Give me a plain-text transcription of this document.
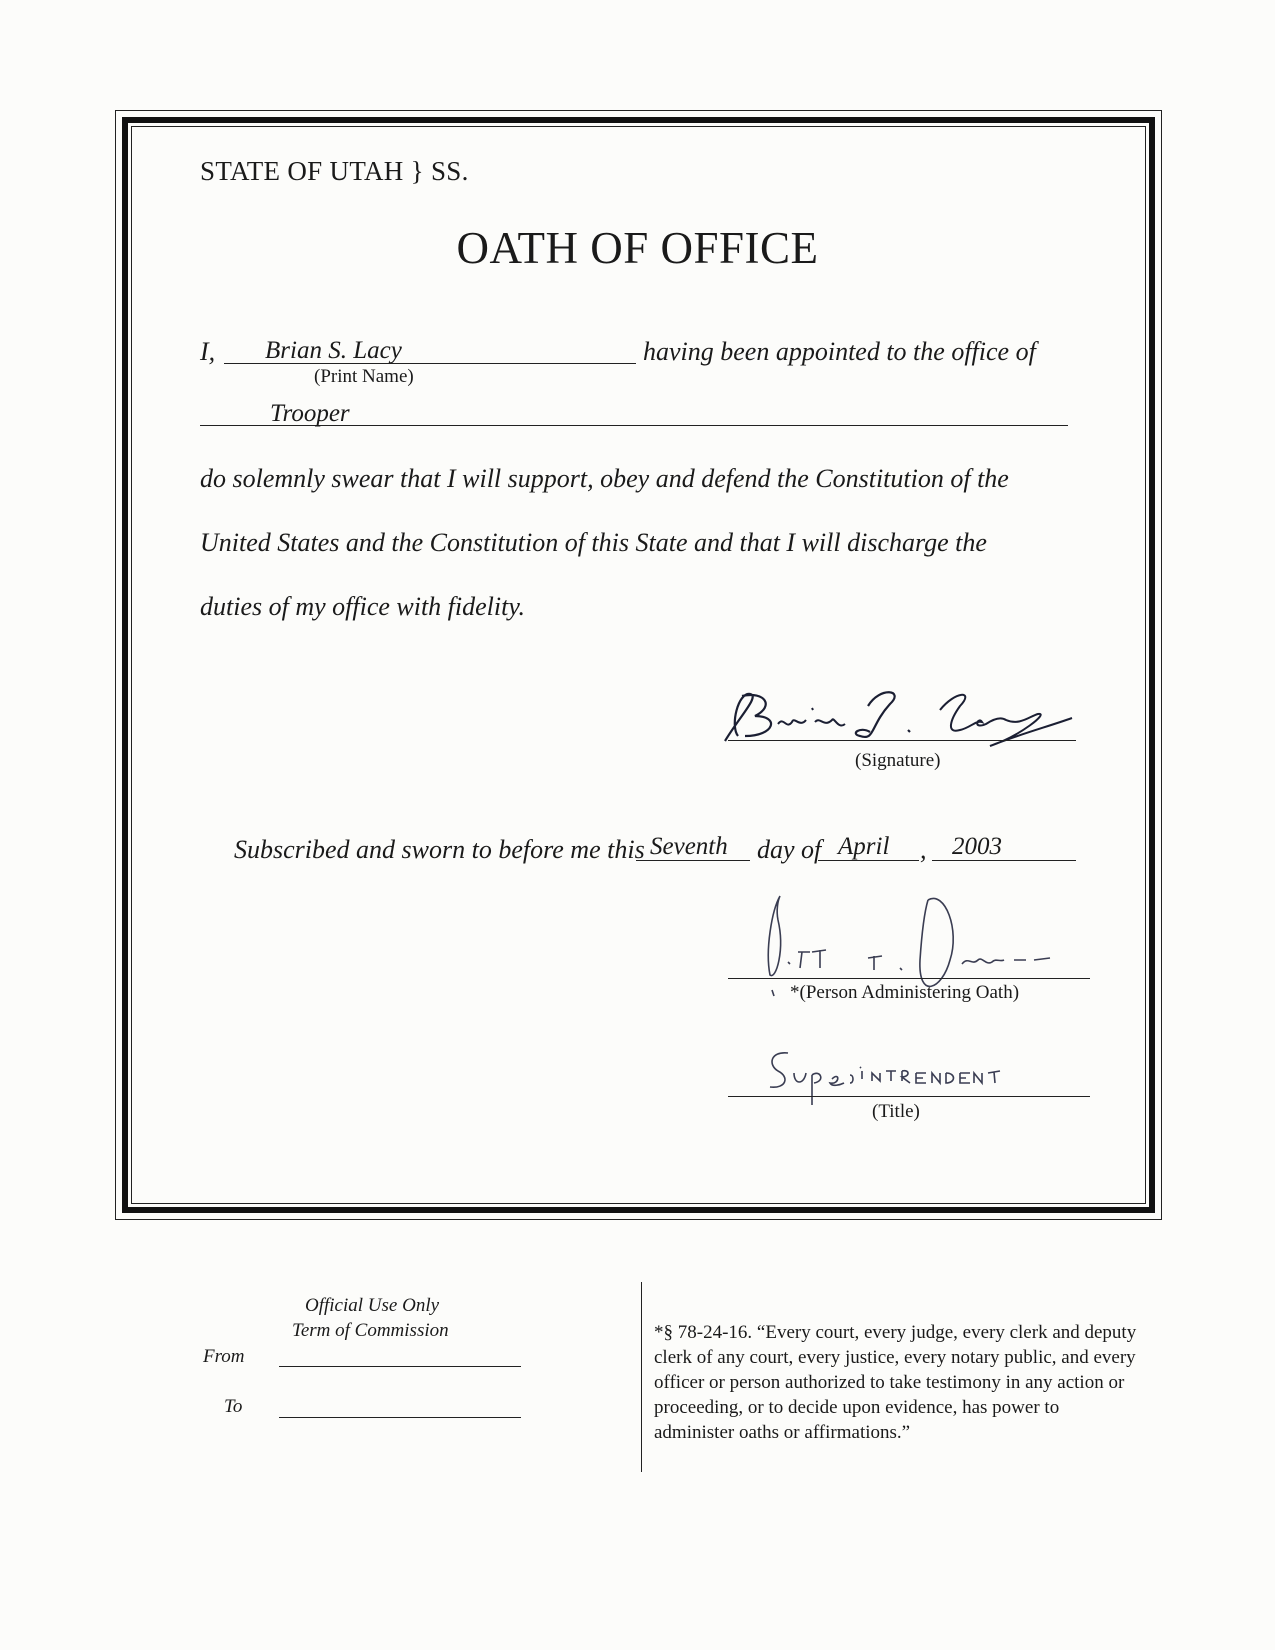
STATE OF UTAH } SS.
OATH OF OFFICE
I, Brian S. Lacy
(Print Name)
having been appointed to the office of
Trooper
do solemnly swear that I will support, obey and defend the Constitution of the
United States and the Constitution of this State and that I will discharge the
duties of my office with fidelity.
(Signature)
Subscribed and sworn to before me this Seventh day of April , 2003
*(Person Administering Oath)
(Title)
Official Use Only
Term of Commission
From
To
*§ 78-24-16. “Every court, every judge, every clerk and deputy clerk of any court, every justice, every notary public, and every officer or person authorized to take testimony in any action or proceeding, or to decide upon evidence, has power to administer oaths or affirmations.”
